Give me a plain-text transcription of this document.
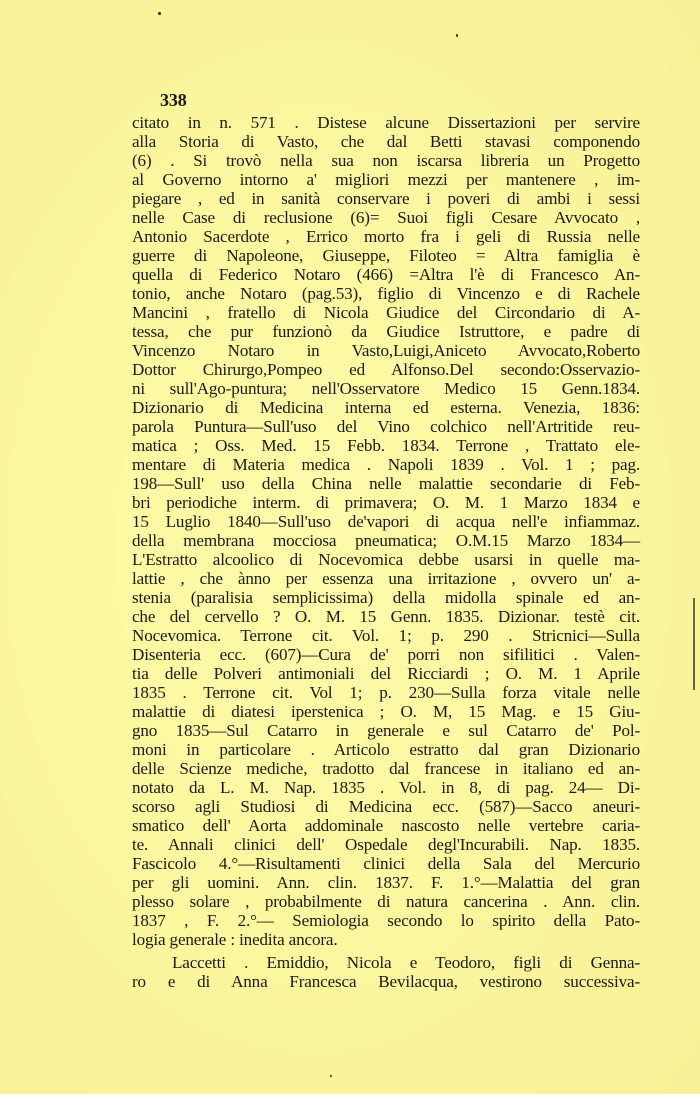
338
citato in n. 571 . Distese alcune Dissertazioni per servire
alla Storia di Vasto, che dal Betti stavasi componendo
(6) . Si trovò nella sua non iscarsa libreria un Progetto
al Governo intorno a' migliori mezzi per mantenere , im-
piegare , ed in sanità conservare i poveri di ambi i sessi
nelle Case di reclusione (6)= Suoi figli Cesare Avvocato ,
Antonio Sacerdote , Errico morto fra i geli di Russia nelle
guerre di Napoleone, Giuseppe, Filoteo = Altra famiglia è
quella di Federico Notaro (466) =Altra l'è di Francesco An-
tonio, anche Notaro (pag.53), figlio di Vincenzo e di Rachele
Mancini , fratello di Nicola Giudice del Circondario di A-
tessa, che pur funzionò da Giudice Istruttore, e padre di
Vincenzo Notaro in Vasto,Luigi,Aniceto Avvocato,Roberto
Dottor Chirurgo,Pompeo ed Alfonso.Del secondo:Osservazio-
ni sull'Ago-puntura; nell'Osservatore Medico 15 Genn.1834.
Dizionario di Medicina interna ed esterna. Venezia, 1836:
parola Puntura—Sull'uso del Vino colchico nell'Artritide reu-
matica ; Oss. Med. 15 Febb. 1834. Terrone , Trattato ele-
mentare di Materia medica . Napoli 1839 . Vol. 1 ; pag.
198—Sull' uso della China nelle malattie secondarie di Feb-
bri periodiche interm. di primavera; O. M. 1 Marzo 1834 e
15 Luglio 1840—Sull'uso de'vapori di acqua nell'e infiammaz.
della membrana mocciosa pneumatica; O.M.15 Marzo 1834—
L'Estratto alcoolico di Nocevomica debbe usarsi in quelle ma-
lattie , che ànno per essenza una irritazione , ovvero un' a-
stenia (paralisia semplicissima) della midolla spinale ed an-
che del cervello ? O. M. 15 Genn. 1835. Dizionar. testè cit.
Nocevomica. Terrone cit. Vol. 1; p. 290 . Stricnici—Sulla
Disenteria ecc. (607)—Cura de' porri non sifilitici . Valen-
tia delle Polveri antimoniali del Ricciardi ; O. M. 1 Aprile
1835 . Terrone cit. Vol 1; p. 230—Sulla forza vitale nelle
malattie di diatesi iperstenica ; O. M, 15 Mag. e 15 Giu-
gno 1835—Sul Catarro in generale e sul Catarro de' Pol-
moni in particolare . Articolo estratto dal gran Dizionario
delle Scienze mediche, tradotto dal francese in italiano ed an-
notato da L. M. Nap. 1835 . Vol. in 8, di pag. 24— Di-
scorso agli Studiosi di Medicina ecc. (587)—Sacco aneuri-
smatico dell' Aorta addominale nascosto nelle vertebre caria-
te. Annali clinici dell' Ospedale degl'Incurabili. Nap. 1835.
Fascicolo 4.°—Risultamenti clinici della Sala del Mercurio
per gli uomini. Ann. clin. 1837. F. 1.°—Malattia del gran
plesso solare , probabilmente di natura cancerina . Ann. clin.
1837 , F. 2.°— Semiologia secondo lo spirito della Pato-
logia generale : inedita ancora.
Laccetti . Emiddio, Nicola e Teodoro, figli di Genna-
ro e di Anna Francesca Bevilacqua, vestirono successiva-
